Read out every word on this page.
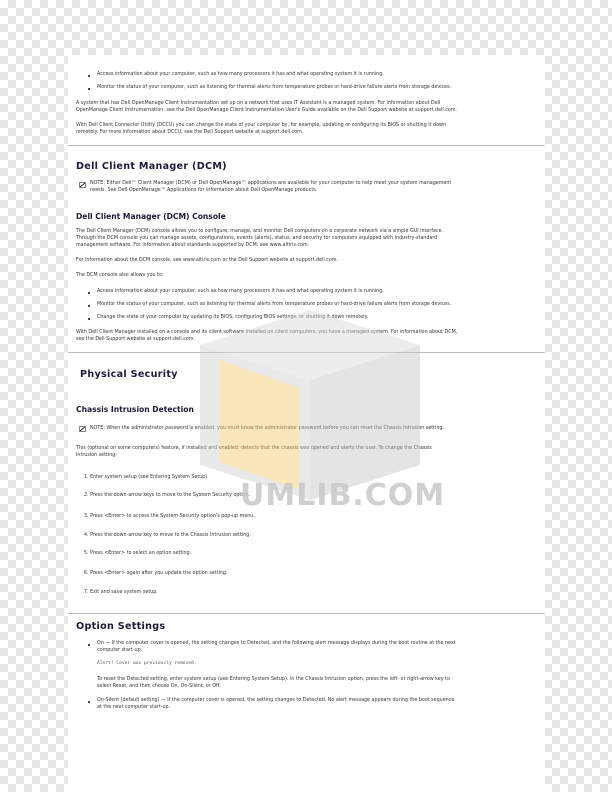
Access information about your computer, such as how many processors it has and what operating system it is running.
Monitor the status of your computer, such as listening for thermal alerts from temperature probes or hard-drive failure alerts from storage devices.
A system that has Dell OpenManage Client Instrumentation set up on a network that uses IT Assistant is a managed system. For information about Dell
OpenManage Client Instrumentation, see the Dell OpenManage Client Instrumentation User's Guide available on the Dell Support website at support.dell.com.
With Dell Client Connector Utility (DCCU) you can change the state of your computer by, for example, updating or configuring its BIOS or shutting it down
remotely. For more information about DCCU, see the Dell Support website at support.dell.com.
Dell Client Manager (DCM)
NOTE: Either Dell™ Client Manager (DCM) or Dell OpenManage™ applications are available for your computer to help meet your system management
needs. See Dell OpenManage™ Applications for information about Dell OpenManage products.
Dell Client Manager (DCM) Console
The Dell Client Manager (DCM) console allows you to configure, manage, and monitor Dell computers on a corporate network via a simple GUI interface.
Through the DCM console you can manage assets, configurations, events (alerts), status, and security for computers equipped with industry-standard
management software. For information about standards supported by DCM, see www.altiris.com.
For information about the DCM console, see www.altiris.com or the Dell Support website at support.dell.com.
The DCM console also allows you to:
Access information about your computer, such as how many processors it has and what operating system it is running.
Monitor the status of your computer, such as listening for thermal alerts from temperature probes or hard-drive failure alerts from storage devices.
Change the state of your computer by updating its BIOS, configuring BIOS settings, or shutting it down remotely.
With Dell Client Manager installed on a console and its client software installed on client computers, you have a managed system. For information about DCM,
see the Dell Support website at support.dell.com.
Physical Security
Chassis Intrusion Detection
NOTE: When the administrator password is enabled, you must know the administrator password before you can reset the Chassis Intrusion setting.
This (optional on some computers) feature, if installed and enabled, detects that the chassis was opened and alerts the user. To change the Chassis
Intrusion setting:
1. Enter system setup (see Entering System Setup).
2. Press the down-arrow keys to move to the System Security option.
3. Press <Enter> to access the System Security option's pop-up menu.
4. Press the down-arrow key to move to the Chassis Intrusion setting.
5. Press <Enter> to select an option setting.
6. Press <Enter> again after you update the option setting.
7. Exit and save system setup.
Option Settings
On — If the computer cover is opened, the setting changes to Detected, and the following alert message displays during the boot routine at the next
computer start-up:
Alert! Cover was previously removed.
To reset the Detected setting, enter system setup (see Entering System Setup). In the Chassis Intrusion option, press the left- or right-arrow key to
select Reset, and then choose On, On-Silent, or Off.
On-Silent (default setting) — If the computer cover is opened, the setting changes to Detected. No alert message appears during the boot sequence
at the next computer start-up.
UMLIB.COM
